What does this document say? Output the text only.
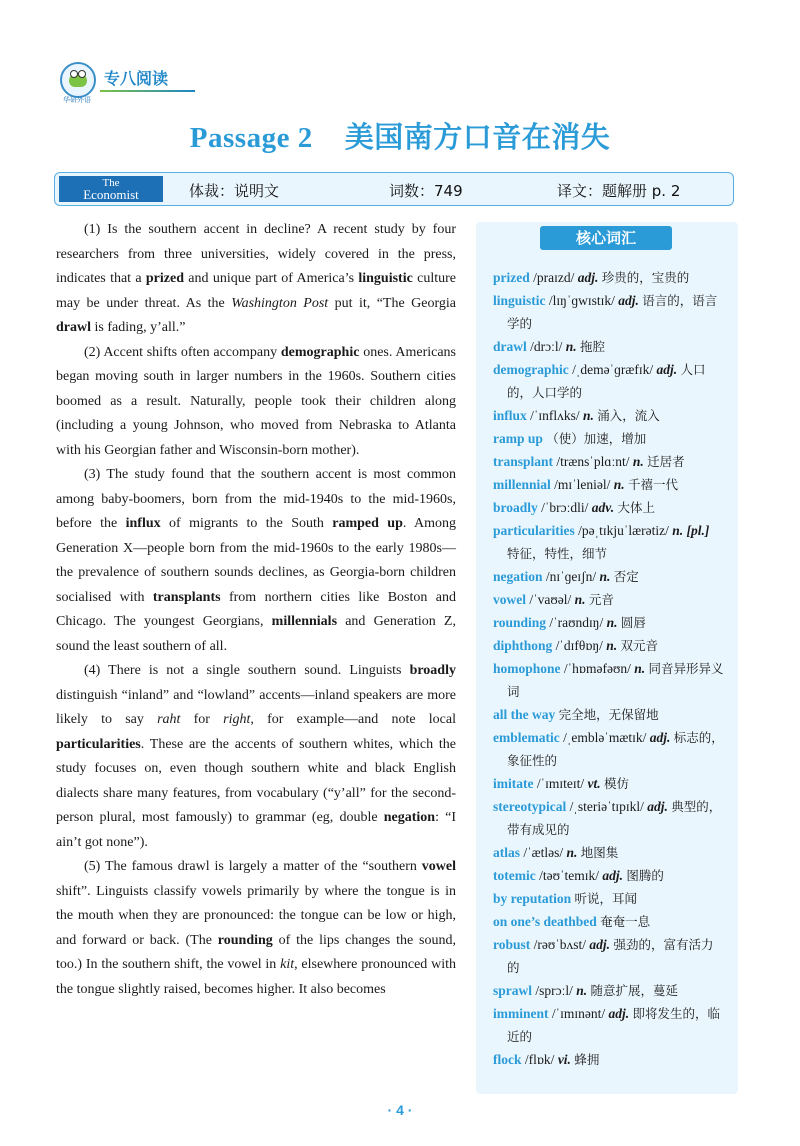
华研外语
专八阅读
Passage 2 美国南方口音在消失
The
Economist	体裁：说明文	词数：749	译文：题解册 p. 2

(1) Is the southern accent in decline? A recent study by four researchers from three universities, widely covered in the press, indicates that a prized and unique part of America’s linguistic culture may be under threat. As the Washington Post put it, “The Georgia drawl is fading, y’all.”

(2) Accent shifts often accompany demographic ones. Americans began moving south in larger numbers in the 1960s. Southern cities boomed as a result. Naturally, people took their children along (including a young Johnson, who moved from Nebraska to Atlanta with his Georgian father and Wisconsin-born mother).

(3) The study found that the southern accent is most common among baby-boomers, born from the mid-1940s to the mid-1960s, before the influx of migrants to the South ramped up. Among Generation X—people born from the mid-1960s to the early 1980s—the prevalence of southern sounds declines, as Georgia-born children socialised with transplants from northern cities like Boston and Chicago. The youngest Georgians, millennials and Generation Z, sound the least southern of all.

(4) There is not a single southern sound. Linguists broadly distinguish “inland” and “lowland” accents—inland speakers are more likely to say raht for right, for example—and note local particularities. These are the accents of southern whites, which the study focuses on, even though southern white and black English dialects share many features, from vocabulary (“y’all” for the second-person plural, most famously) to grammar (eg, double negation: “I ain’t got none”).

(5) The famous drawl is largely a matter of the “southern vowel shift”. Linguists classify vowels primarily by where the tongue is in the mouth when they are pronounced: the tongue can be low or high, and forward or back. (The rounding of the lips changes the sound, too.) In the southern shift, the vowel in kit, elsewhere pronounced with the tongue slightly raised, becomes higher. It also becomes

核心词汇
prized /praɪzd/ adj. 珍贵的，宝贵的
linguistic /lɪŋˈɡwɪstɪk/ adj. 语言的，语言学的
drawl /drɔːl/ n. 拖腔
demographic /ˌdeməˈɡræfɪk/ adj. 人口的，人口学的
influx /ˈɪnflʌks/ n. 涌入，流入
ramp up （使）加速，增加
transplant /trænsˈplɑːnt/ n. 迁居者
millennial /mɪˈleniəl/ n. 千禧一代
broadly /ˈbrɔːdli/ adv. 大体上
particularities /pəˌtɪkjuˈlærətiz/ n. [pl.] 特征，特性，细节
negation /nɪˈɡeɪʃn/ n. 否定
vowel /ˈvaʊəl/ n. 元音
rounding /ˈraʊndɪŋ/ n. 圆唇
diphthong /ˈdɪfθɒŋ/ n. 双元音
homophone /ˈhɒməfəʊn/ n. 同音异形异义词
all the way 完全地，无保留地
emblematic /ˌembləˈmætɪk/ adj. 标志的，象征性的
imitate /ˈɪmɪteɪt/ vt. 模仿
stereotypical /ˌsteriəˈtɪpɪkl/ adj. 典型的，带有成见的
atlas /ˈætləs/ n. 地图集
totemic /təʊˈtemɪk/ adj. 图腾的
by reputation 听说，耳闻
on one’s deathbed 奄奄一息
robust /rəʊˈbʌst/ adj. 强劲的，富有活力的
sprawl /sprɔːl/ n. 随意扩展，蔓延
imminent /ˈɪmɪnənt/ adj. 即将发生的，临近的
flock /flɒk/ vi. 蜂拥
· 4 ·
